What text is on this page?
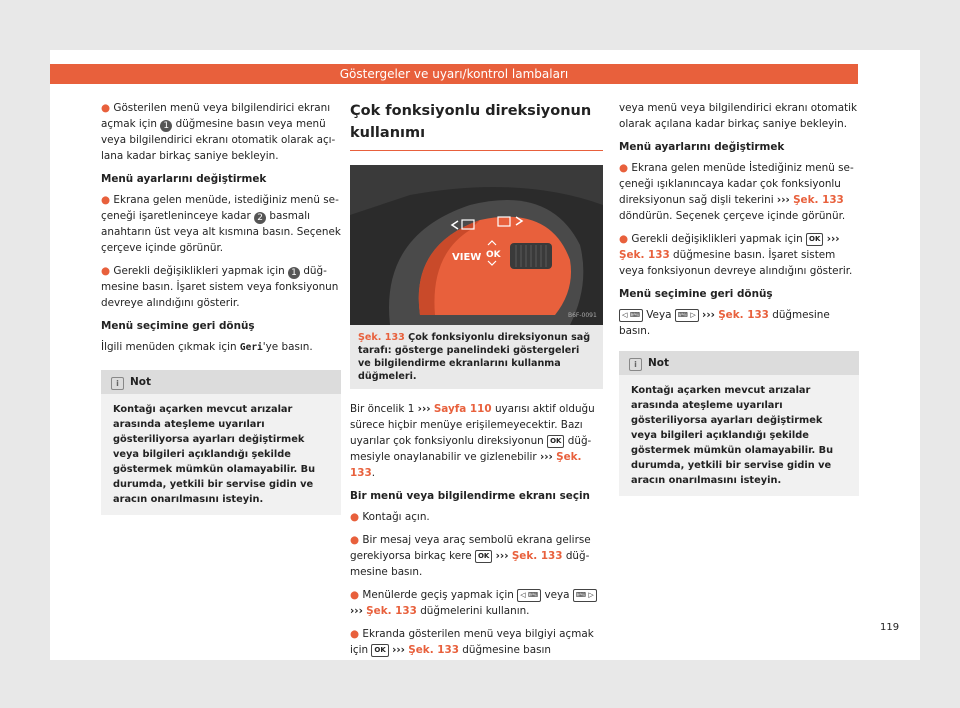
Göstergeler ve uyarı/kontrol lambaları

● Gösterilen menü veya bilgilendirici ekranı açmak için 1 düğmesine basın veya menü veya bilgilendirici ekranı otomatik olarak açılana kadar birkaç saniye bekleyin.

Menü ayarlarını değiştirmek

● Ekrana gelen menüde, istediğiniz menü seçeneği işaretleninceye kadar 2 basmalı anahtarın üst veya alt kısmına basın. Seçenek çerçeve içinde görünür.

● Gerekli değişiklikleri yapmak için 1 düğmesine basın. İşaret sistem veya fonksiyonun devreye alındığını gösterir.

Menü seçimine geri dönüş

İlgili menüden çıkmak için Geri'ye basın.

i Not
Kontağı açarken mevcut arızalar arasında ateşleme uyarıları gösteriliyorsa ayarları değiştirmek veya bilgileri açıklandığı şekilde göstermek mümkün olamayabilir. Bu durumda, yetkili bir servise gidin ve aracın onarılmasını isteyin.
Çok fonksiyonlu direksiyonun kullanımı
VIEW OK
B6F-0091
Şek. 133 Çok fonksiyonlu direksiyonun sağ tarafı: gösterge panelindeki göstergeleri ve bilgilendirme ekranlarını kullanma düğmeleri.

Bir öncelik 1 ››› Sayfa 110 uyarısı aktif olduğu sürece hiçbir menüye erişilemeyecektir. Bazı uyarılar çok fonksiyonlu direksiyonun OK düğmesiyle onaylanabilir ve gizlenebilir ››› Şek. 133.

Bir menü veya bilgilendirme ekranı seçin

● Kontağı açın.

● Bir mesaj veya araç sembolü ekrana gelirse gerekiyorsa birkaç kere OK ››› Şek. 133 düğmesine basın.

● Menülerde geçiş yapmak için ◁ ⌨ veya ⌨ ▷ ››› Şek. 133 düğmelerini kullanın.

● Ekranda gösterilen menü veya bilgiyi açmak için OK ››› Şek. 133 düğmesine basın

veya menü veya bilgilendirici ekranı otomatik olarak açılana kadar birkaç saniye bekleyin.

Menü ayarlarını değiştirmek

● Ekrana gelen menüde İstediğiniz menü seçeneği ışıklanıncaya kadar çok fonksiyonlu direksiyonun sağ dişli tekerini ››› Şek. 133 döndürün. Seçenek çerçeve içinde görünür.

● Gerekli değişiklikleri yapmak için OK ››› Şek. 133 düğmesine basın. İşaret sistem veya fonksiyonun devreye alındığını gösterir.

Menü seçimine geri dönüş

◁ ⌨ Veya ⌨ ▷ ››› Şek. 133 düğmesine basın.

i Not
Kontağı açarken mevcut arızalar arasında ateşleme uyarıları gösteriliyorsa ayarları değiştirmek veya bilgileri açıklandığı şekilde göstermek mümkün olamayabilir. Bu durumda, yetkili bir servise gidin ve aracın onarılmasını isteyin.
119
